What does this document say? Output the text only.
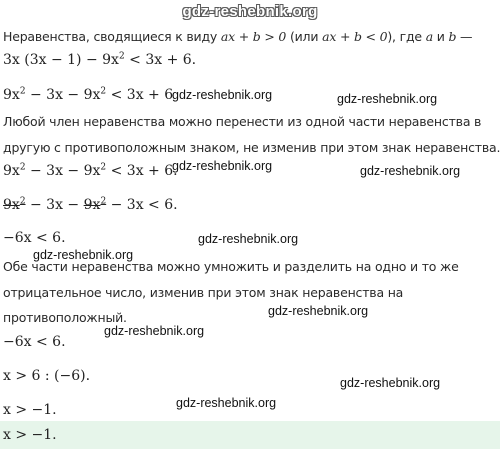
gdz-reshebnik.org

Неравенства, сводящиеся к виду ax + b > 0 (или ax + b < 0), где a и b —

3x $(3x - 1) - 9x^2 < 3x + 6$.

$9x^2 - 3x - 9x^2 < 3x + 6$

gdz-reshebnik.org	gdz-reshebnik.org

Любой член неравенства можно перенести из одной части неравенства в

другую с противоположным знаком, не изменив при этом знак неравенства.

$9x^2 - 3x - 9x^2 < 3x + 6$.

gdz-reshebnik.org	gdz-reshebnik.org

$9x^2 - 3x - 9x^2 - 3x < 6$.

−6x < 6.	gdz-reshebnik.org

gdz-reshebnik.org

Обе части неравенства можно умножить и разделить на одно и то же

отрицательное число, изменив при этом знак неравенства на

противоположный.	gdz-reshebnik.org

gdz-reshebnik.org

−6x < 6.

x > 6 : (−6).	gdz-reshebnik.org

x > −1.	gdz-reshebnik.org

x > −1.
